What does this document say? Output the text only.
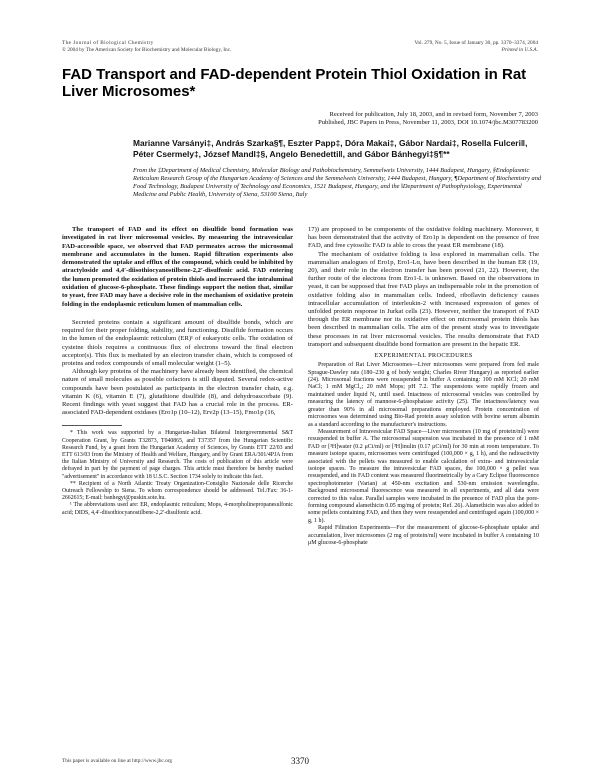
The Journal of Biological Chemistry
© 2004 by The American Society for Biochemistry and Molecular Biology, Inc.
Vol. 279, No. 5, Issue of January 30, pp. 3370–3374, 2004
Printed in U.S.A.
FAD Transport and FAD-dependent Protein Thiol Oxidation in Rat Liver Microsomes*
Received for publication, July 18, 2003, and in revised form, November 7, 2003
Published, JBC Papers in Press, November 11, 2003, DOI 10.1074/jbc.M307783200
Marianne Varsányi‡, András Szarka§¶, Eszter Papp‡, Dóra Makai‡, Gábor Nardai‡, Rosella Fulceri‖, Péter Csermely‡, József Mandl‡§, Angelo Benedetti‖, and Gábor Bánhegyi‡§¶**
From the ‡Department of Medical Chemistry, Molecular Biology and Pathobiochemistry, Semmelweis University, 1444 Budapest, Hungary, §Endoplasmic Reticulum Research Group of the Hungarian Academy of Sciences and the Semmelweis University, 1444 Budapest, Hungary, ¶Department of Biochemistry and Food Technology, Budapest University of Technology and Economics, 1521 Budapest, Hungary, and the ‖Department of Pathophysiology, Experimental Medicine and Public Health, University of Siena, 53100 Siena, Italy

The transport of FAD and its effect on disulfide bond formation was investigated in rat liver microsomal vesicles. By measuring the intravesicular FAD-accessible space, we observed that FAD permeates across the microsomal membrane and accumulates in the lumen. Rapid filtration experiments also demonstrated the uptake and efflux of the compound, which could be inhibited by atractyloside and 4,4′-diisothiocyanostilbene-2,2′-disulfonic acid. FAD entering the lumen promoted the oxidation of protein thiols and increased the intraluminal oxidation of glucose-6-phosphate. These findings support the notion that, similar to yeast, free FAD may have a decisive role in the mechanism of oxidative protein folding in the endoplasmic reticulum lumen of mammalian cells.

Secreted proteins contain a significant amount of disulfide bonds, which are required for their proper folding, stability, and functioning. Disulfide formation occurs in the lumen of the endoplasmic reticulum (ER)¹ of eukaryotic cells. The oxidation of cysteine thiols requires a continuous flux of electrons toward the final electron acceptor(s). This flux is mediated by an electron transfer chain, which is composed of proteins and redox compounds of small molecular weight (1–5).

Although key proteins of the machinery have already been identified, the chemical nature of small molecules as possible cofactors is still disputed. Several redox-active compounds have been postulated as participants in the electron transfer chain, e.g. vitamin K (6), vitamin E (7), glutathione disulfide (8), and dehydroascorbate (9). Recent findings with yeast suggest that FAD has a crucial role in the process. ER-associated FAD-dependent oxidases (Ero1p (10–12), Erv2p (13–15), Fmo1p (16,

* This work was supported by a Hungarian-Italian Bilateral Intergovernmental S&T Cooperation Grant, by Grants T32873, T040865, and T37357 from the Hungarian Scientific Research Fund, by a grant from the Hungarian Academy of Sciences, by Grants ETT 22/03 and ETT 613/03 from the Ministry of Health and Welfare, Hungary, and by Grant ERA/301/4PJA from the Italian Ministry of University and Research. The costs of publication of this article were defrayed in part by the payment of page charges. This article must therefore be hereby marked "advertisement" in accordance with 18 U.S.C. Section 1734 solely to indicate this fact.

** Recipient of a North Atlantic Treaty Organization-Consiglio Nazionale delle Ricerche Outreach Fellowship to Siena. To whom correspondence should be addressed. Tel./Fax: 36-1-2662615; E-mail: banhegyi@puskin.sote.hu.

¹ The abbreviations used are: ER, endoplasmic reticulum; Mops, 4-morpholinepropanesulfonic acid; DIDS, 4,4′-diisothiocyanostilbene-2,2′-disulfonic acid.

17)) are proposed to be components of the oxidative folding machinery. Moreover, it has been demonstrated that the activity of Ero1p is dependent on the presence of free FAD, and free cytosolic FAD is able to cross the yeast ER membrane (18).

The mechanism of oxidative folding is less explored in mammalian cells. The mammalian analogues of Ero1p, Ero1-Lα, have been described in the human ER (19, 20), and their role in the electron transfer has been proved (21, 22). However, the further route of the electrons from Ero1-L is unknown. Based on the observations in yeast, it can be supposed that free FAD plays an indispensable role in the promotion of oxidative folding also in mammalian cells. Indeed, riboflavin deficiency causes intracellular accumulation of interleukin-2 with increased expression of genes of unfolded protein response in Jurkat cells (23). However, neither the transport of FAD through the ER membrane nor its oxidative effect on microsomal protein thiols has been described in mammalian cells. The aim of the present study was to investigate these processes in rat liver microsomal vesicles. The results demonstrate that FAD transport and subsequent disulfide bond formation are present in the hepatic ER.

EXPERIMENTAL PROCEDURES

Preparation of Rat Liver Microsomes—Liver microsomes were prepared from fed male Sprague-Dawley rats (180–230 g of body weight; Charles River Hungary) as reported earlier (24). Microsomal fractions were resuspended in buffer A containing: 100 mM KCl; 20 mM NaCl; 1 mM MgCl₂; 20 mM Mops; pH 7.2. The suspensions were rapidly frozen and maintained under liquid N₂ until used. Intactness of microsomal vesicles was controlled by measuring the latency of mannose-6-phosphatase activity (25). The intactness/latency was greater than 90% in all microsomal preparations employed. Protein concentration of microsomes was determined using Bio-Rad protein assay solution with bovine serum albumin as a standard according to the manufacturer's instructions.

Measurement of Intravesicular FAD Space—Liver microsomes (10 mg of protein/ml) were resuspended in buffer A. The microsomal suspension was incubated in the presence of 1 mM FAD or [³H]water (0.2 μCi/ml) or [³H]inulin (0.17 μCi/ml) for 30 min at room temperature. To measure isotope spaces, microsomes were centrifuged (100,000 × g, 1 h), and the radioactivity associated with the pellets was measured to enable calculation of extra- and intravesicular isotope spaces. To measure the intravesicular FAD spaces, the 100,000 × g pellet was resuspended, and its FAD content was measured fluorimetrically by a Cary Eclipse fluorescence spectrophotometer (Varian) at 450-nm excitation and 530-nm emission wavelengths. Background microsomal fluorescence was measured in all experiments, and all data were corrected to this value. Parallel samples were incubated in the presence of FAD plus the pore-forming compound alamethicin 0.05 mg/mg of protein; Ref. 26). Alamethicin was also added to some pellets containing FAD, and then they were resuspended and centrifuged again (100,000 × g, 1 h).

Rapid Filtration Experiments—For the measurement of glucose-6-phosphate uptake and accumulation, liver microsomes (2 mg of protein/ml) were incubated in buffer A containing 10 μM glucose-6-phosphate

This paper is available on line at http://www.jbc.org	3370
